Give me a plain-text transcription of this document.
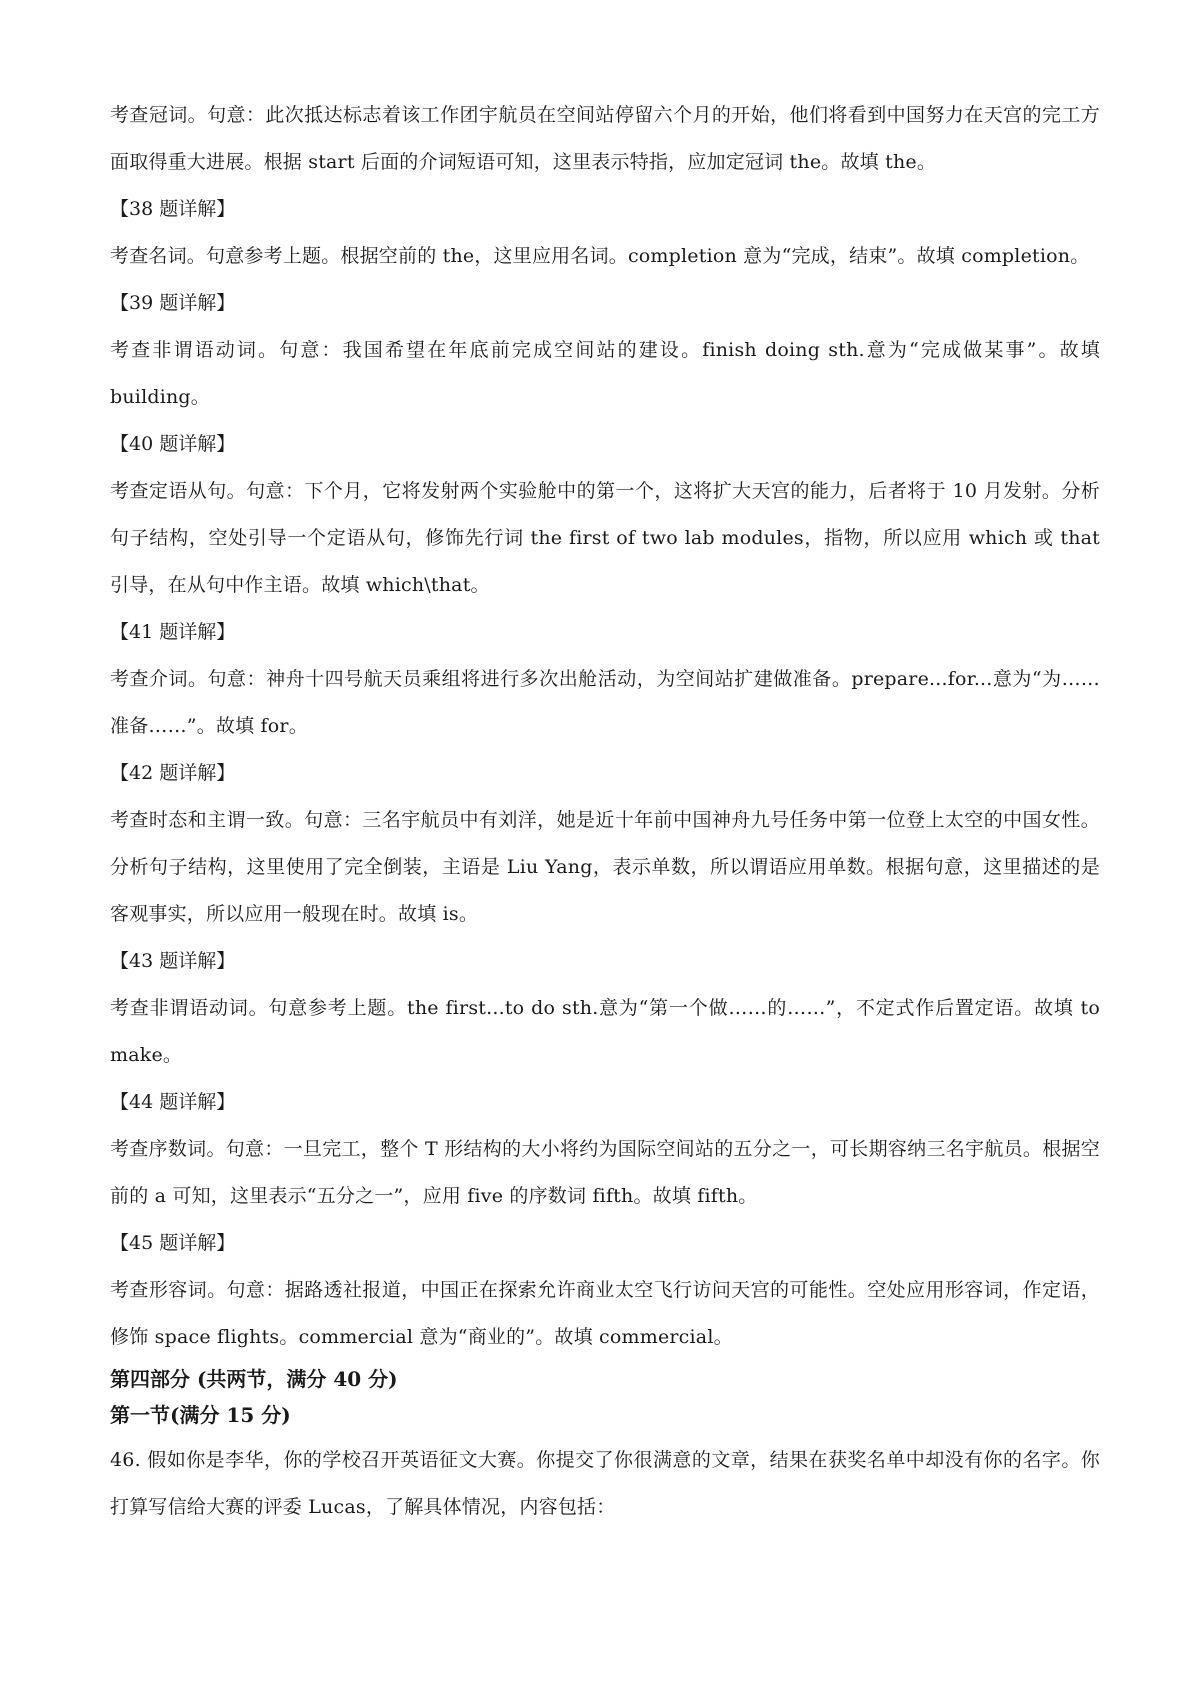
考查冠词。句意：此次抵达标志着该工作团宇航员在空间站停留六个月的开始，他们将看到中国努力在天宫的完工方面取得重大进展。根据 start 后面的介词短语可知，这里表示特指，应加定冠词 the。故填 the。

【38 题详解】

考查名词。句意参考上题。根据空前的 the，这里应用名词。completion 意为“完成，结束”。故填 completion。

【39 题详解】

考查非谓语动词。句意：我国希望在年底前完成空间站的建设。finish doing sth.意为“完成做某事”。故填 building。

【40 题详解】

考查定语从句。句意：下个月，它将发射两个实验舱中的第一个，这将扩大天宫的能力，后者将于 10 月发射。分析句子结构，空处引导一个定语从句，修饰先行词 the first of two lab modules，指物，所以应用 which 或 that 引导，在从句中作主语。故填 which\that。

【41 题详解】

考查介词。句意：神舟十四号航天员乘组将进行多次出舱活动，为空间站扩建做准备。prepare...for...意为“为……准备……”。故填 for。

【42 题详解】

考查时态和主谓一致。句意：三名宇航员中有刘洋，她是近十年前中国神舟九号任务中第一位登上太空的中国女性。分析句子结构，这里使用了完全倒装，主语是 Liu Yang，表示单数，所以谓语应用单数。根据句意，这里描述的是客观事实，所以应用一般现在时。故填 is。

【43 题详解】

考查非谓语动词。句意参考上题。the first...to do sth.意为“第一个做……的……”，不定式作后置定语。故填 to make。

【44 题详解】

考查序数词。句意：一旦完工，整个 T 形结构的大小将约为国际空间站的五分之一，可长期容纳三名宇航员。根据空前的 a 可知，这里表示“五分之一”，应用 five 的序数词 fifth。故填 fifth。

【45 题详解】

考查形容词。句意：据路透社报道，中国正在探索允许商业太空飞行访问天宫的可能性。空处应用形容词，作定语，修饰 space flights。commercial 意为“商业的”。故填 commercial。

第四部分 (共两节，满分 40 分)

第一节(满分 15 分)

46. 假如你是李华，你的学校召开英语征文大赛。你提交了你很满意的文章，结果在获奖名单中却没有你的名字。你打算写信给大赛的评委 Lucas，了解具体情况，内容包括：
